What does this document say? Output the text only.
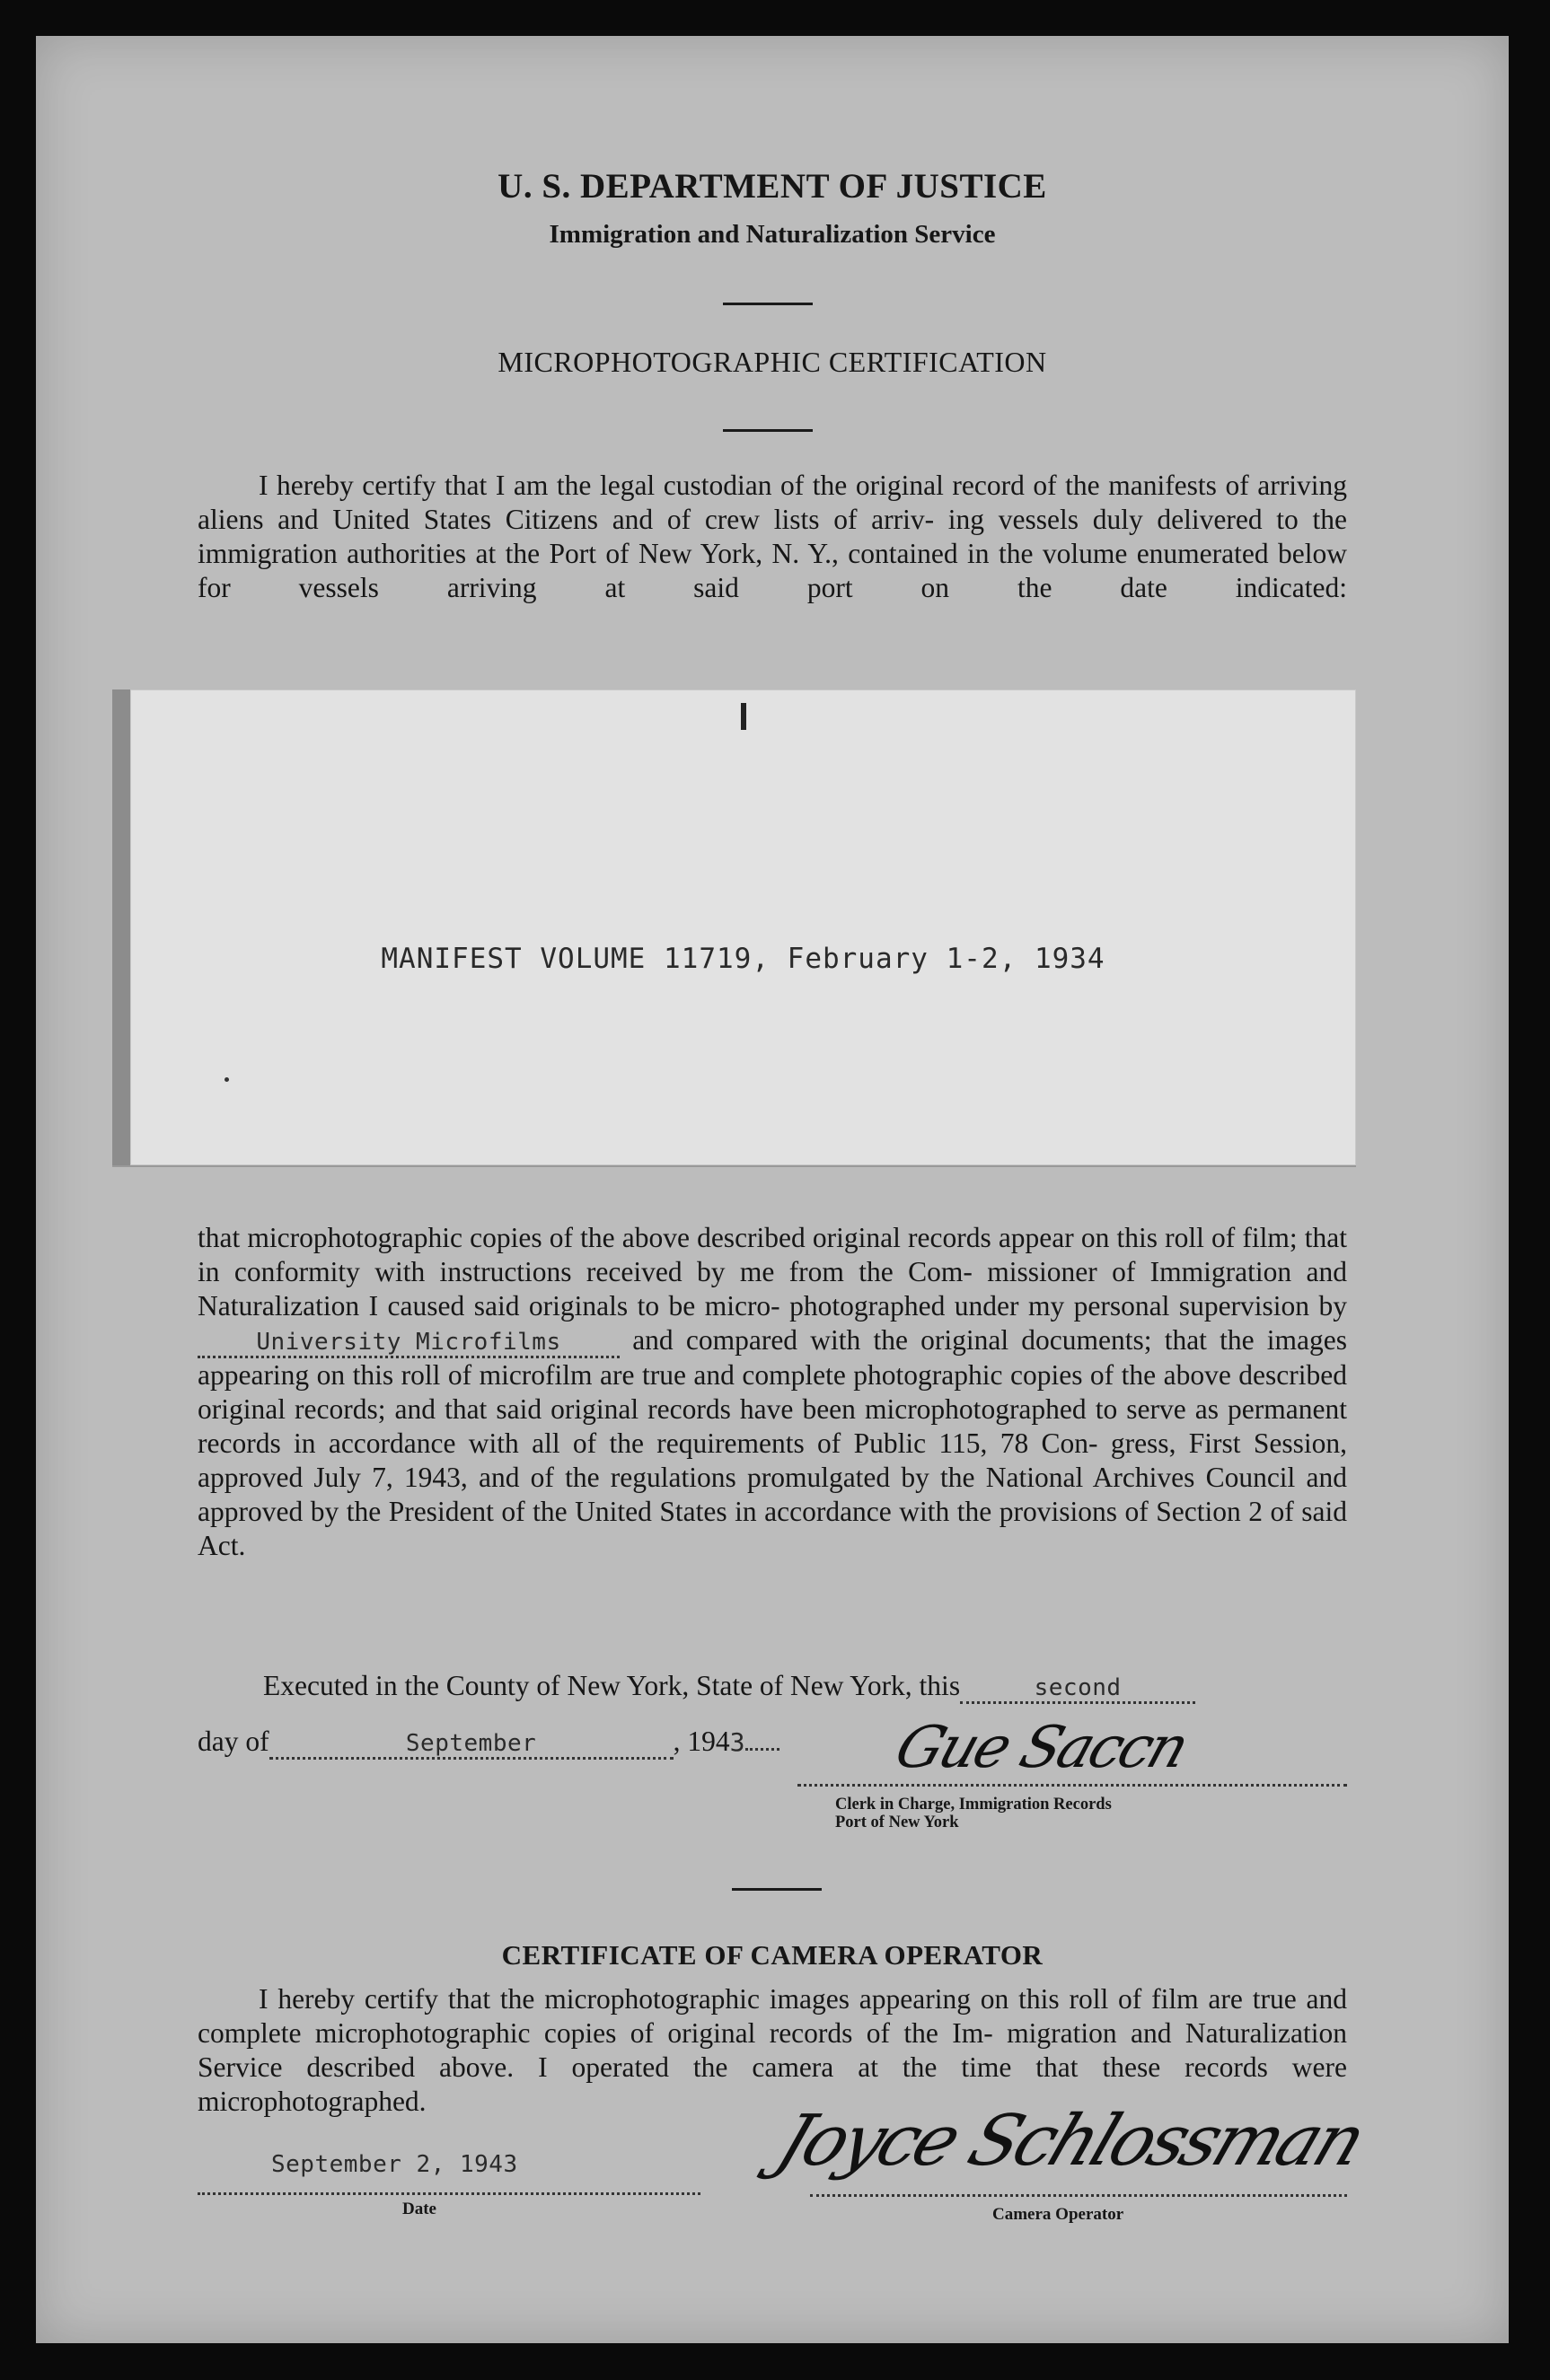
U. S. DEPARTMENT OF JUSTICE
Immigration and Naturalization Service
MICROPHOTOGRAPHIC CERTIFICATION
I hereby certify that I am the legal custodian of the original record of the manifests of arriving aliens and United States Citizens and of crew lists of arriv- ing vessels duly delivered to the immigration authorities at the Port of New York, N. Y., contained in the volume enumerated below for vessels arriving at said port on the date indicated:
MANIFEST VOLUME 11719, February 1-2, 1934
that microphotographic copies of the above described original records appear on this roll of film; that in conformity with instructions received by me from the Com- missioner of Immigration and Naturalization I caused said originals to be micro- photographed under my personal supervision by University Microfilms	and compared with the original documents; that the images appearing on this roll of microfilm are true and complete photographic copies of the above described original records; and that said original records have been microphotographed to serve as permanent records in accordance with all of the requirements of Public 115, 78 Con- gress, First Session, approved July 7, 1943, and of the regulations promulgated by the National Archives Council and approved by the President of the United States in accordance with the provisions of Section 2 of said Act.
Executed in the County of New York, State of New York, this	second
day of	September	, 1943	Gue Saccn
Clerk in Charge, Immigration Records
Port of New York
CERTIFICATE OF CAMERA OPERATOR
I hereby certify that the microphotographic images appearing on this roll of film are true and complete microphotographic copies of original records of the Im- migration and Naturalization Service described above. I operated the camera at the time that these records were microphotographed.
September 2, 1943
Date
Joyce Schlossman
Camera Operator
